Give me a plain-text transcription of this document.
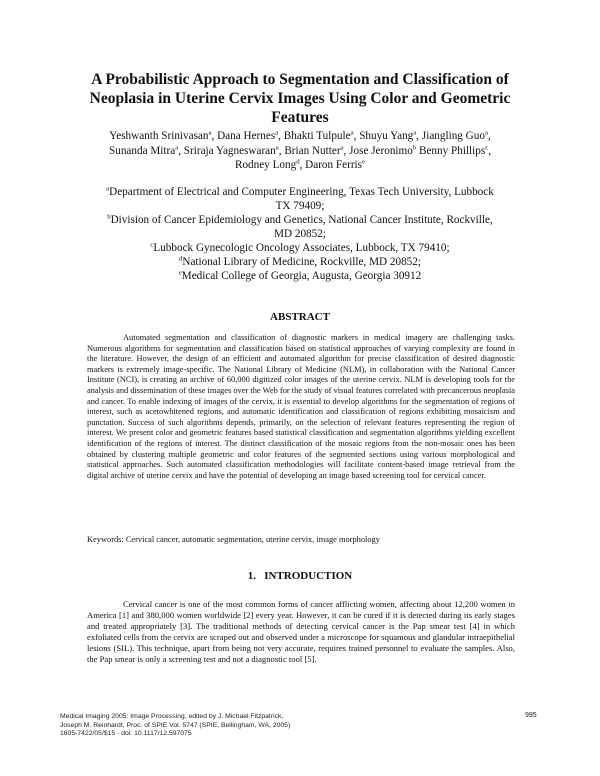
A Probabilistic Approach to Segmentation and Classification of
Neoplasia in Uterine Cervix Images Using Color and Geometric
Features
Yeshwanth Srinivasan$^a$, Dana Hernes$^a$, Bhakti Tulpule$^a$, Shuyu Yang$^a$, Jiangling Guo$^a$,
Sunanda Mitra$^a$, Sriraja Yagneswaran$^a$, Brian Nutter$^a$, Jose Jeronimo$^b$ Benny Phillips$^c$,
Rodney Long$^d$, Daron Ferris$^e$
$^a$Department of Electrical and Computer Engineering, Texas Tech University, Lubbock
TX 79409;
$^b$Division of Cancer Epidemiology and Genetics, National Cancer Institute, Rockville,
MD 20852;
$^c$Lubbock Gynecologic Oncology Associates, Lubbock, TX 79410;
$^d$National Library of Medicine, Rockville, MD 20852;
$^e$Medical College of Georgia, Augusta, Georgia 30912
ABSTRACT
Automated segmentation and classification of diagnostic markers in medical imagery are challenging tasks. Numerous algorithms for segmentation and classification based on statistical approaches of varying complexity are found in the literature. However, the design of an efficient and automated algorithm for precise classification of desired diagnostic markers is extremely image-specific. The National Library of Medicine (NLM), in collaboration with the National Cancer Institute (NCI), is creating an archive of 60,000 digitized color images of the uterine cervix. NLM is developing tools for the analysis and dissemination of these images over the Web for the study of visual features correlated with precancerous neoplasia and cancer. To enable indexing of images of the cervix, it is essential to develop algorithms for the segmentation of regions of interest, such as acetowhitened regions, and automatic identification and classification of regions exhibiting mosaicism and punctation. Success of such algorithms depends, primarily, on the selection of relevant features representing the region of interest. We present color and geometric features based statistical classification and segmentation algorithms yielding excellent identification of the regions of interest. The distinct classification of the mosaic regions from the non-mosaic ones has been obtained by clustering multiple geometric and color features of the segmented sections using various morphological and statistical approaches. Such automated classification methodologies will facilitate content-based image retrieval from the digital archive of uterine cervix and have the potential of developing an image based screening tool for cervical cancer.
Keywords: Cervical cancer, automatic segmentation, uterine cervix, image morphology
1.   INTRODUCTION
Cervical cancer is one of the most common forms of cancer afflicting women, affecting about 12,200 women in America [1] and 380,000 women worldwide [2] every year. However, it can be cured if it is detected during its early stages and treated appropriately [3]. The traditional methods of detecting cervical cancer is the Pap smear test [4] in which exfoliated cells from the cervix are scraped out and observed under a microscope for squamous and glandular intraepithelial lesions (SIL). This technique, apart from being not very accurate, requires trained personnel to evaluate the samples. Also, the Pap smear is only a screening test and not a diagnostic tool [5].
Medical Imaging 2005: Image Processing, edited by J. Michael Fitzpatrick,
Joseph M. Reinhardt, Proc. of SPIE Vol. 5747 (SPIE, Bellingham, WA, 2005)
1605-7422/05/$15 · doi: 10.1117/12.597075
995
